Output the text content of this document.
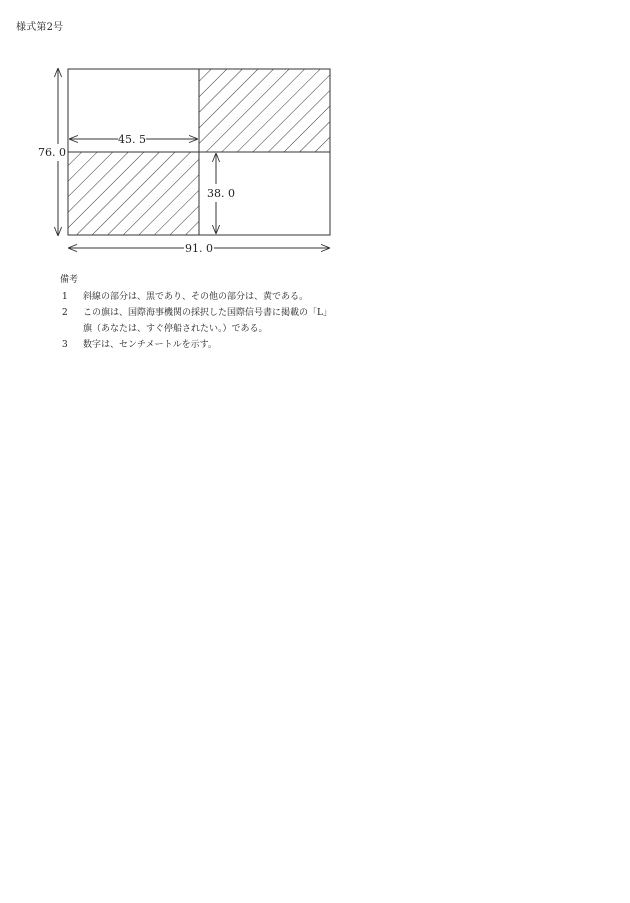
様式第2号
76. 0
45. 5
38. 0
91. 0
備考
1	斜線の部分は、黒であり、その他の部分は、黄である。
2	この旗は、国際海事機関の採択した国際信号書に掲載の「L」旗（あなたは、すぐ停船されたい。）である。
3	数字は、センチメートルを示す。
